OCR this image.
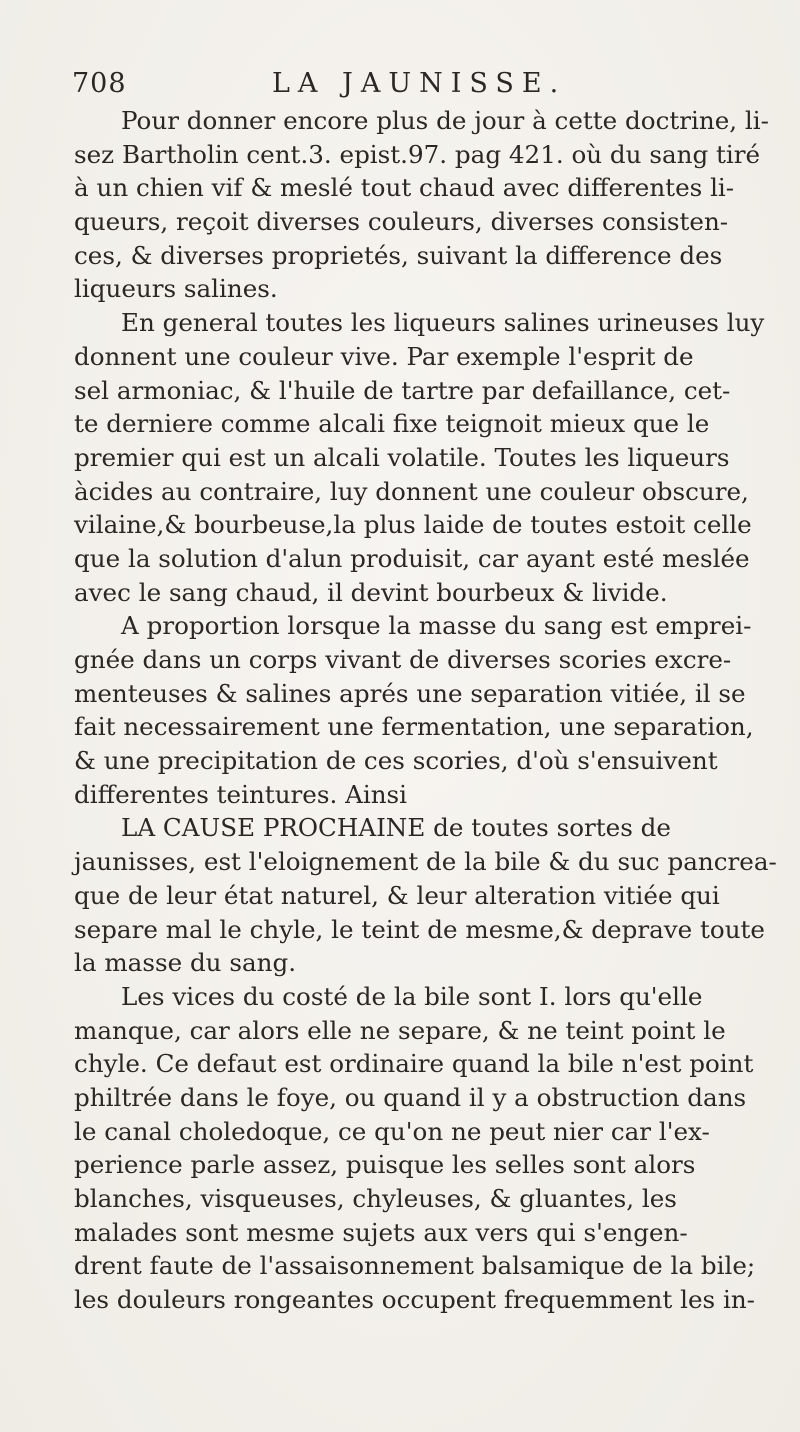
708	LA JAUNISSE.
Pour donner encore plus de jour à cette doctrine, li-
sez Bartholin cent.3. epist.97. pag 421. où du sang tiré
à un chien vif & meslé tout chaud avec differentes li-
queurs, reçoit diverses couleurs, diverses consisten-
ces, & diverses proprietés, suivant la difference des
liqueurs salines.
En general toutes les liqueurs salines urineuses luy
donnent une couleur vive. Par exemple l'esprit de
sel armoniac, & l'huile de tartre par defaillance, cet-
te derniere comme alcali fixe teignoit mieux que le
premier qui est un alcali volatile. Toutes les liqueurs
àcides au contraire, luy donnent une couleur obscure,
vilaine,& bourbeuse,la plus laide de toutes estoit celle
que la solution d'alun produisit, car ayant esté meslée
avec le sang chaud, il devint bourbeux & livide.
A proportion lorsque la masse du sang est emprei-
gnée dans un corps vivant de diverses scories excre-
menteuses & salines aprés une separation vitiée, il se
fait necessairement une fermentation, une separation,
& une precipitation de ces scories, d'où s'ensuivent
differentes teintures. Ainsi
LA CAUSE PROCHAINE de toutes sortes de
jaunisses, est l'eloignement de la bile & du suc pancrea-
que de leur état naturel, & leur alteration vitiée qui
separe mal le chyle, le teint de mesme,& deprave toute
la masse du sang.
Les vices du costé de la bile sont I. lors qu'elle
manque, car alors elle ne separe, & ne teint point le
chyle. Ce defaut est ordinaire quand la bile n'est point
philtrée dans le foye, ou quand il y a obstruction dans
le canal choledoque, ce qu'on ne peut nier car l'ex-
perience parle assez, puisque les selles sont alors
blanches, visqueuses, chyleuses, & gluantes, les
malades sont mesme sujets aux vers qui s'engen-
drent faute de l'assaisonnement balsamique de la bile;
les douleurs rongeantes occupent frequemment les in-
